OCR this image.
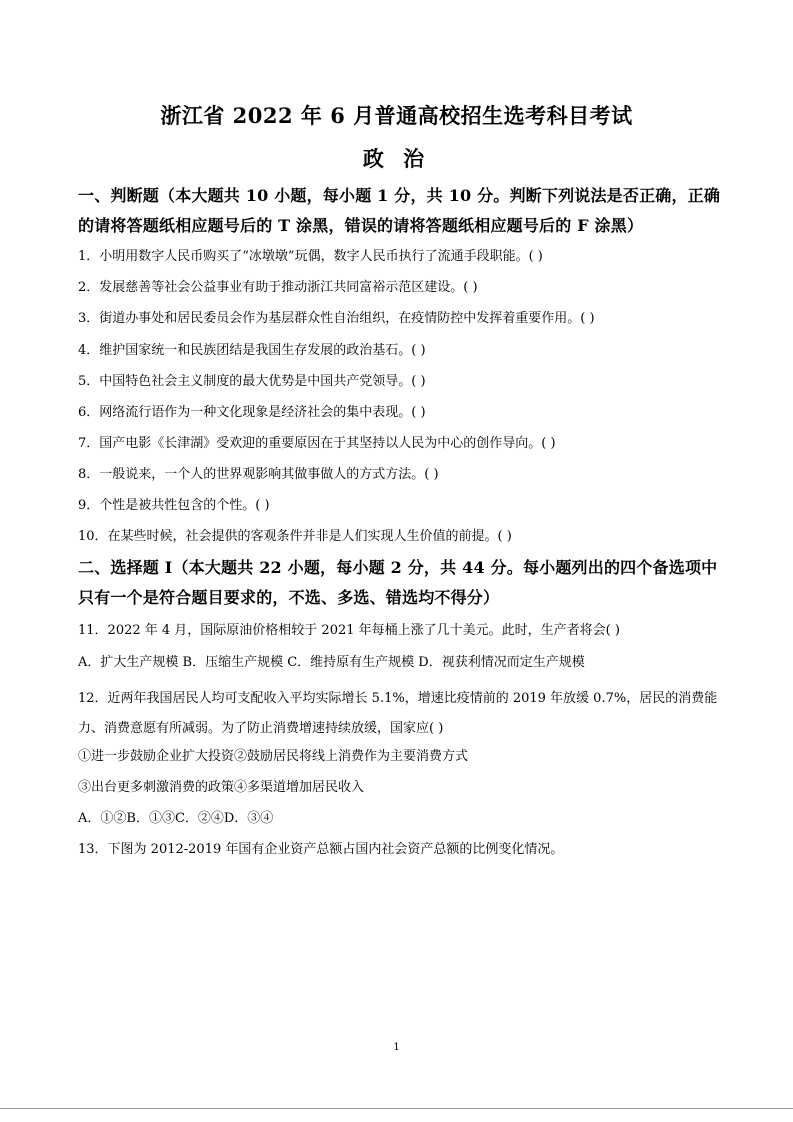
浙江省 2022 年 6 月普通高校招生选考科目考试
政 治
一、判断题（本大题共 10 小题，每小题 1 分，共 10 分。判断下列说法是否正确，正确的请将答题纸相应题号后的 T 涂黑，错误的请将答题纸相应题号后的 F 涂黑）
1．小明用数字人民币购买了“冰墩墩”玩偶，数字人民币执行了流通手段职能。( )
2．发展慈善等社会公益事业有助于推动浙江共同富裕示范区建设。( )
3．街道办事处和居民委员会作为基层群众性自治组织，在疫情防控中发挥着重要作用。( )
4．维护国家统一和民族团结是我国生存发展的政治基石。( )
5．中国特色社会主义制度的最大优势是中国共产党领导。( )
6．网络流行语作为一种文化现象是经济社会的集中表现。( )
7．国产电影《长津湖》受欢迎的重要原因在于其坚持以人民为中心的创作导向。( )
8．一般说来，一个人的世界观影响其做事做人的方式方法。( )
9．个性是被共性包含的个性。( )
10．在某些时候，社会提供的客观条件并非是人们实现人生价值的前提。( )
二、选择题 I（本大题共 22 小题，每小题 2 分，共 44 分。每小题列出的四个备选项中只有一个是符合题目要求的，不选、多选、错选均不得分）
11．2022 年 4 月，国际原油价格相较于 2021 年每桶上涨了几十美元。此时，生产者将会( )
A．扩大生产规模 B．压缩生产规模 C．维持原有生产规模 D．视获利情况而定生产规模
12．近两年我国居民人均可支配收入平均实际增长 5.1%，增速比疫情前的 2019 年放缓 0.7%，居民的消费能力、消费意愿有所减弱。为了防止消费增速持续放缓，国家应( )
①进一步鼓励企业扩大投资②鼓励居民将线上消费作为主要消费方式
③出台更多刺激消费的政策④多渠道增加居民收入
A．①②B．①③C．②④D．③④
13．下图为 2012-2019 年国有企业资产总额占国内社会资产总额的比例变化情况。
1
